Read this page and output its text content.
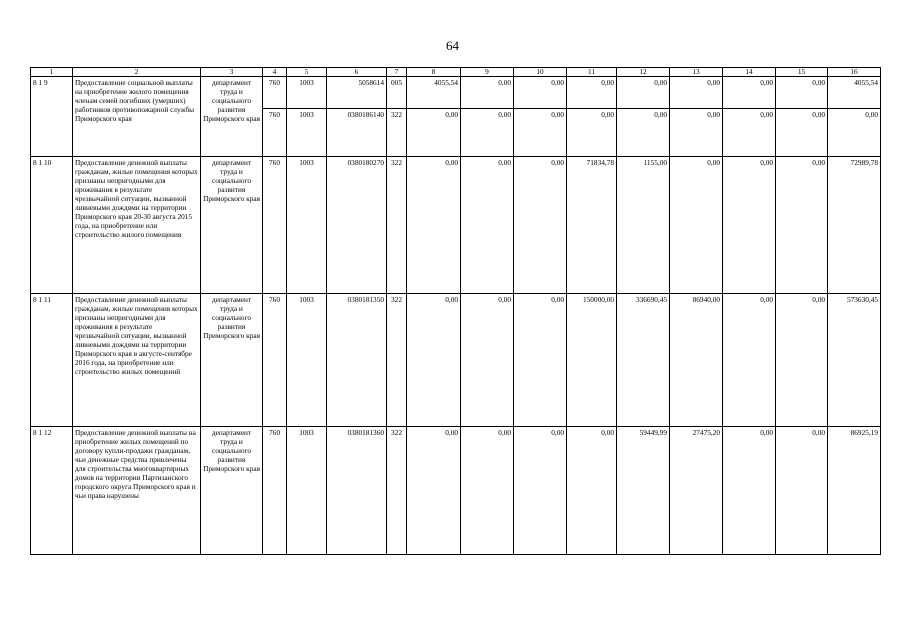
64
1	2	3	4	5	6	7	8	9	10	11	12	13	14	15	16
8 1 9	Предоставление социальной выплаты на приобретение жилого помещения членам семей погибших (умерших) работников противопожарной службы Приморского края	департамент труда и социального развития Приморского края	760	1003	5058614	005	4055,54	0,00	0,00	0,00	0,00	0,00	0,00	0,00	4055,54
			760	1003	0380186140	322	0,00	0,00	0,00	0,00	0,00	0,00	0,00	0,00	0,00
8 1 10	Предоставление денежной выплаты гражданам, жилые помещения которых признаны непригодными для проживания в результате чрезвычайной ситуации, вызванной ливневыми дождями на территории Приморского края 20-30 августа 2015 года, на приобретение или строительство жилого помещения	департамент труда и социального развития Приморского края	760	1003	0380180270	322	0,00	0,00	0,00	71834,78	1155,00	0,00	0,00	0,00	72989,78
8 1 11	Предоставление денежной выплаты гражданам, жилые помещения которых признаны непригодными для проживания в результате чрезвычайной ситуации, вызванной ливневыми дождями на территории Приморского края в августе-сентябре 2016 года, на приобретение или строительство жилых помещений	департамент труда и социального развития Приморского края	760	1003	0380181350	322	0,00	0,00	0,00	150000,00	336690,45	86940,00	0,00	0,00	573630,45
8 1 12	Предоставление денежной выплаты на приобретение жилых помещений по договору купли-продажи гражданам, чьи денежные средства привлечены для строительства многоквартирных домов на территории Партизанского городского округа Приморского края и чьи права нарушены	департамент труда и социального развития Приморского края	760	1003	0380181360	322	0,00	0,00	0,00	0,00	59449,99	27475,20	0,00	0,00	86925,19
